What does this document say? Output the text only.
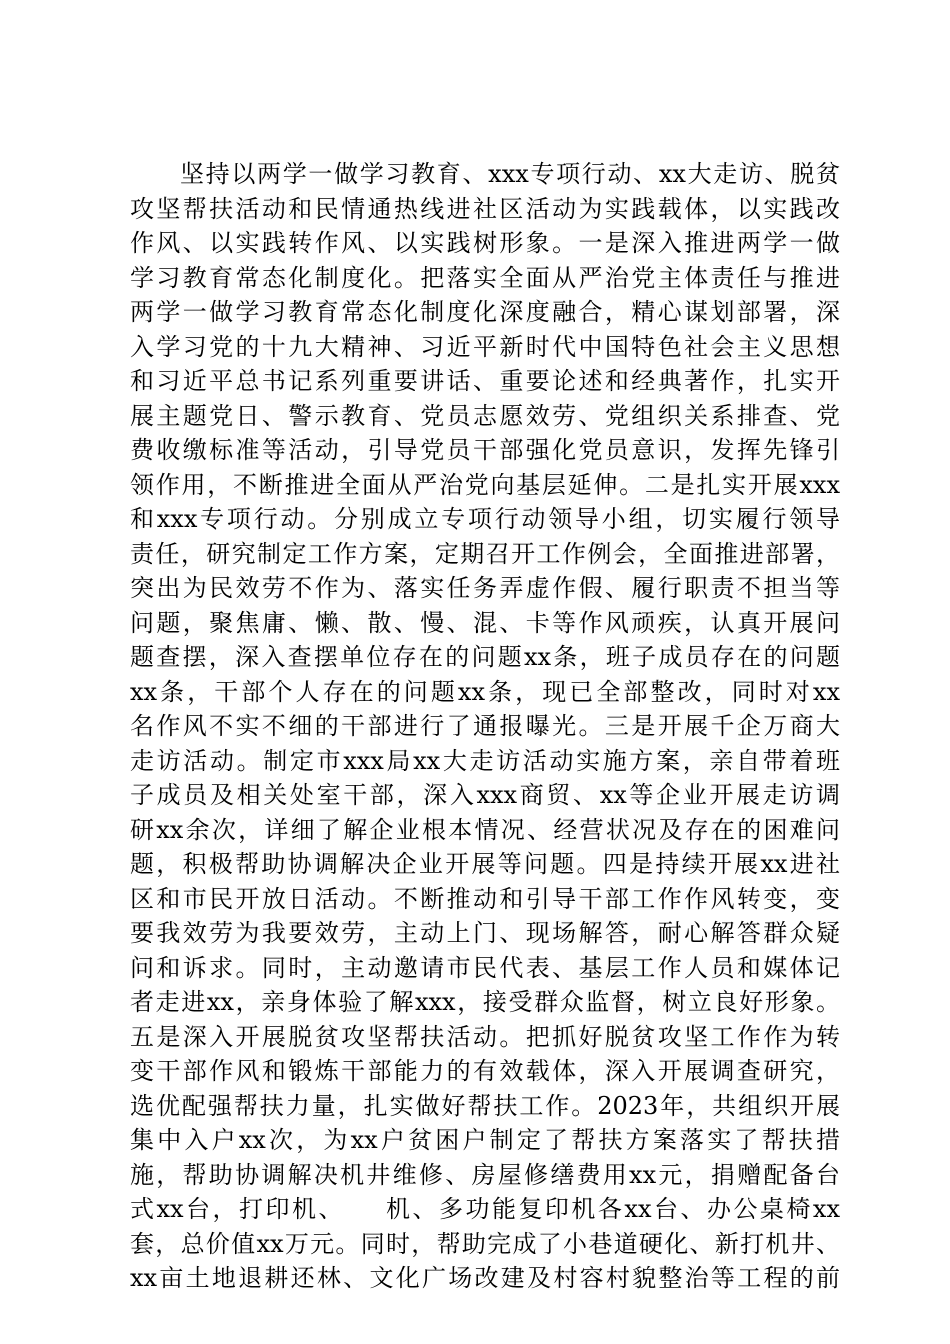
坚持以两学一做学习教育、xxx专项行动、xx大走访、脱贫
攻坚帮扶活动和民情通热线进社区活动为实践载体，以实践改
作风、以实践转作风、以实践树形象。一是深入推进两学一做
学习教育常态化制度化。把落实全面从严治党主体责任与推进
两学一做学习教育常态化制度化深度融合，精心谋划部署，深
入学习党的十九大精神、习近平新时代中国特色社会主义思想
和习近平总书记系列重要讲话、重要论述和经典著作，扎实开
展主题党日、警示教育、党员志愿效劳、党组织关系排查、党
费收缴标准等活动，引导党员干部强化党员意识，发挥先锋引
领作用，不断推进全面从严治党向基层延伸。二是扎实开展xxx
和xxx专项行动。分别成立专项行动领导小组，切实履行领导
责任，研究制定工作方案，定期召开工作例会，全面推进部署，
突出为民效劳不作为、落实任务弄虚作假、履行职责不担当等
问题，聚焦庸、懒、散、慢、混、卡等作风顽疾，认真开展问
题查摆，深入查摆单位存在的问题xx条，班子成员存在的问题
xx条，干部个人存在的问题xx条，现已全部整改，同时对xx
名作风不实不细的干部进行了通报曝光。三是开展千企万商大
走访活动。制定市xxx局xx大走访活动实施方案，亲自带着班
子成员及相关处室干部，深入xxx商贸、xx等企业开展走访调
研xx余次，详细了解企业根本情况、经营状况及存在的困难问
题，积极帮助协调解决企业开展等问题。四是持续开展xx进社
区和市民开放日活动。不断推动和引导干部工作作风转变，变
要我效劳为我要效劳，主动上门、现场解答，耐心解答群众疑
问和诉求。同时，主动邀请市民代表、基层工作人员和媒体记
者走进xx，亲身体验了解xxx，接受群众监督，树立良好形象。
五是深入开展脱贫攻坚帮扶活动。把抓好脱贫攻坚工作作为转
变干部作风和锻炼干部能力的有效载体，深入开展调查研究，
选优配强帮扶力量，扎实做好帮扶工作。2023年，共组织开展
集中入户xx次，为xx户贫困户制定了帮扶方案落实了帮扶措
施，帮助协调解决机井维修、房屋修缮费用xx元，捐赠配备台
式xx台，打印机、　　机、多功能复印机各xx台、办公桌椅xx
套，总价值xx万元。同时，帮助完成了小巷道硬化、新打机井、
xx亩土地退耕还林、文化广场改建及村容村貌整治等工程的前
